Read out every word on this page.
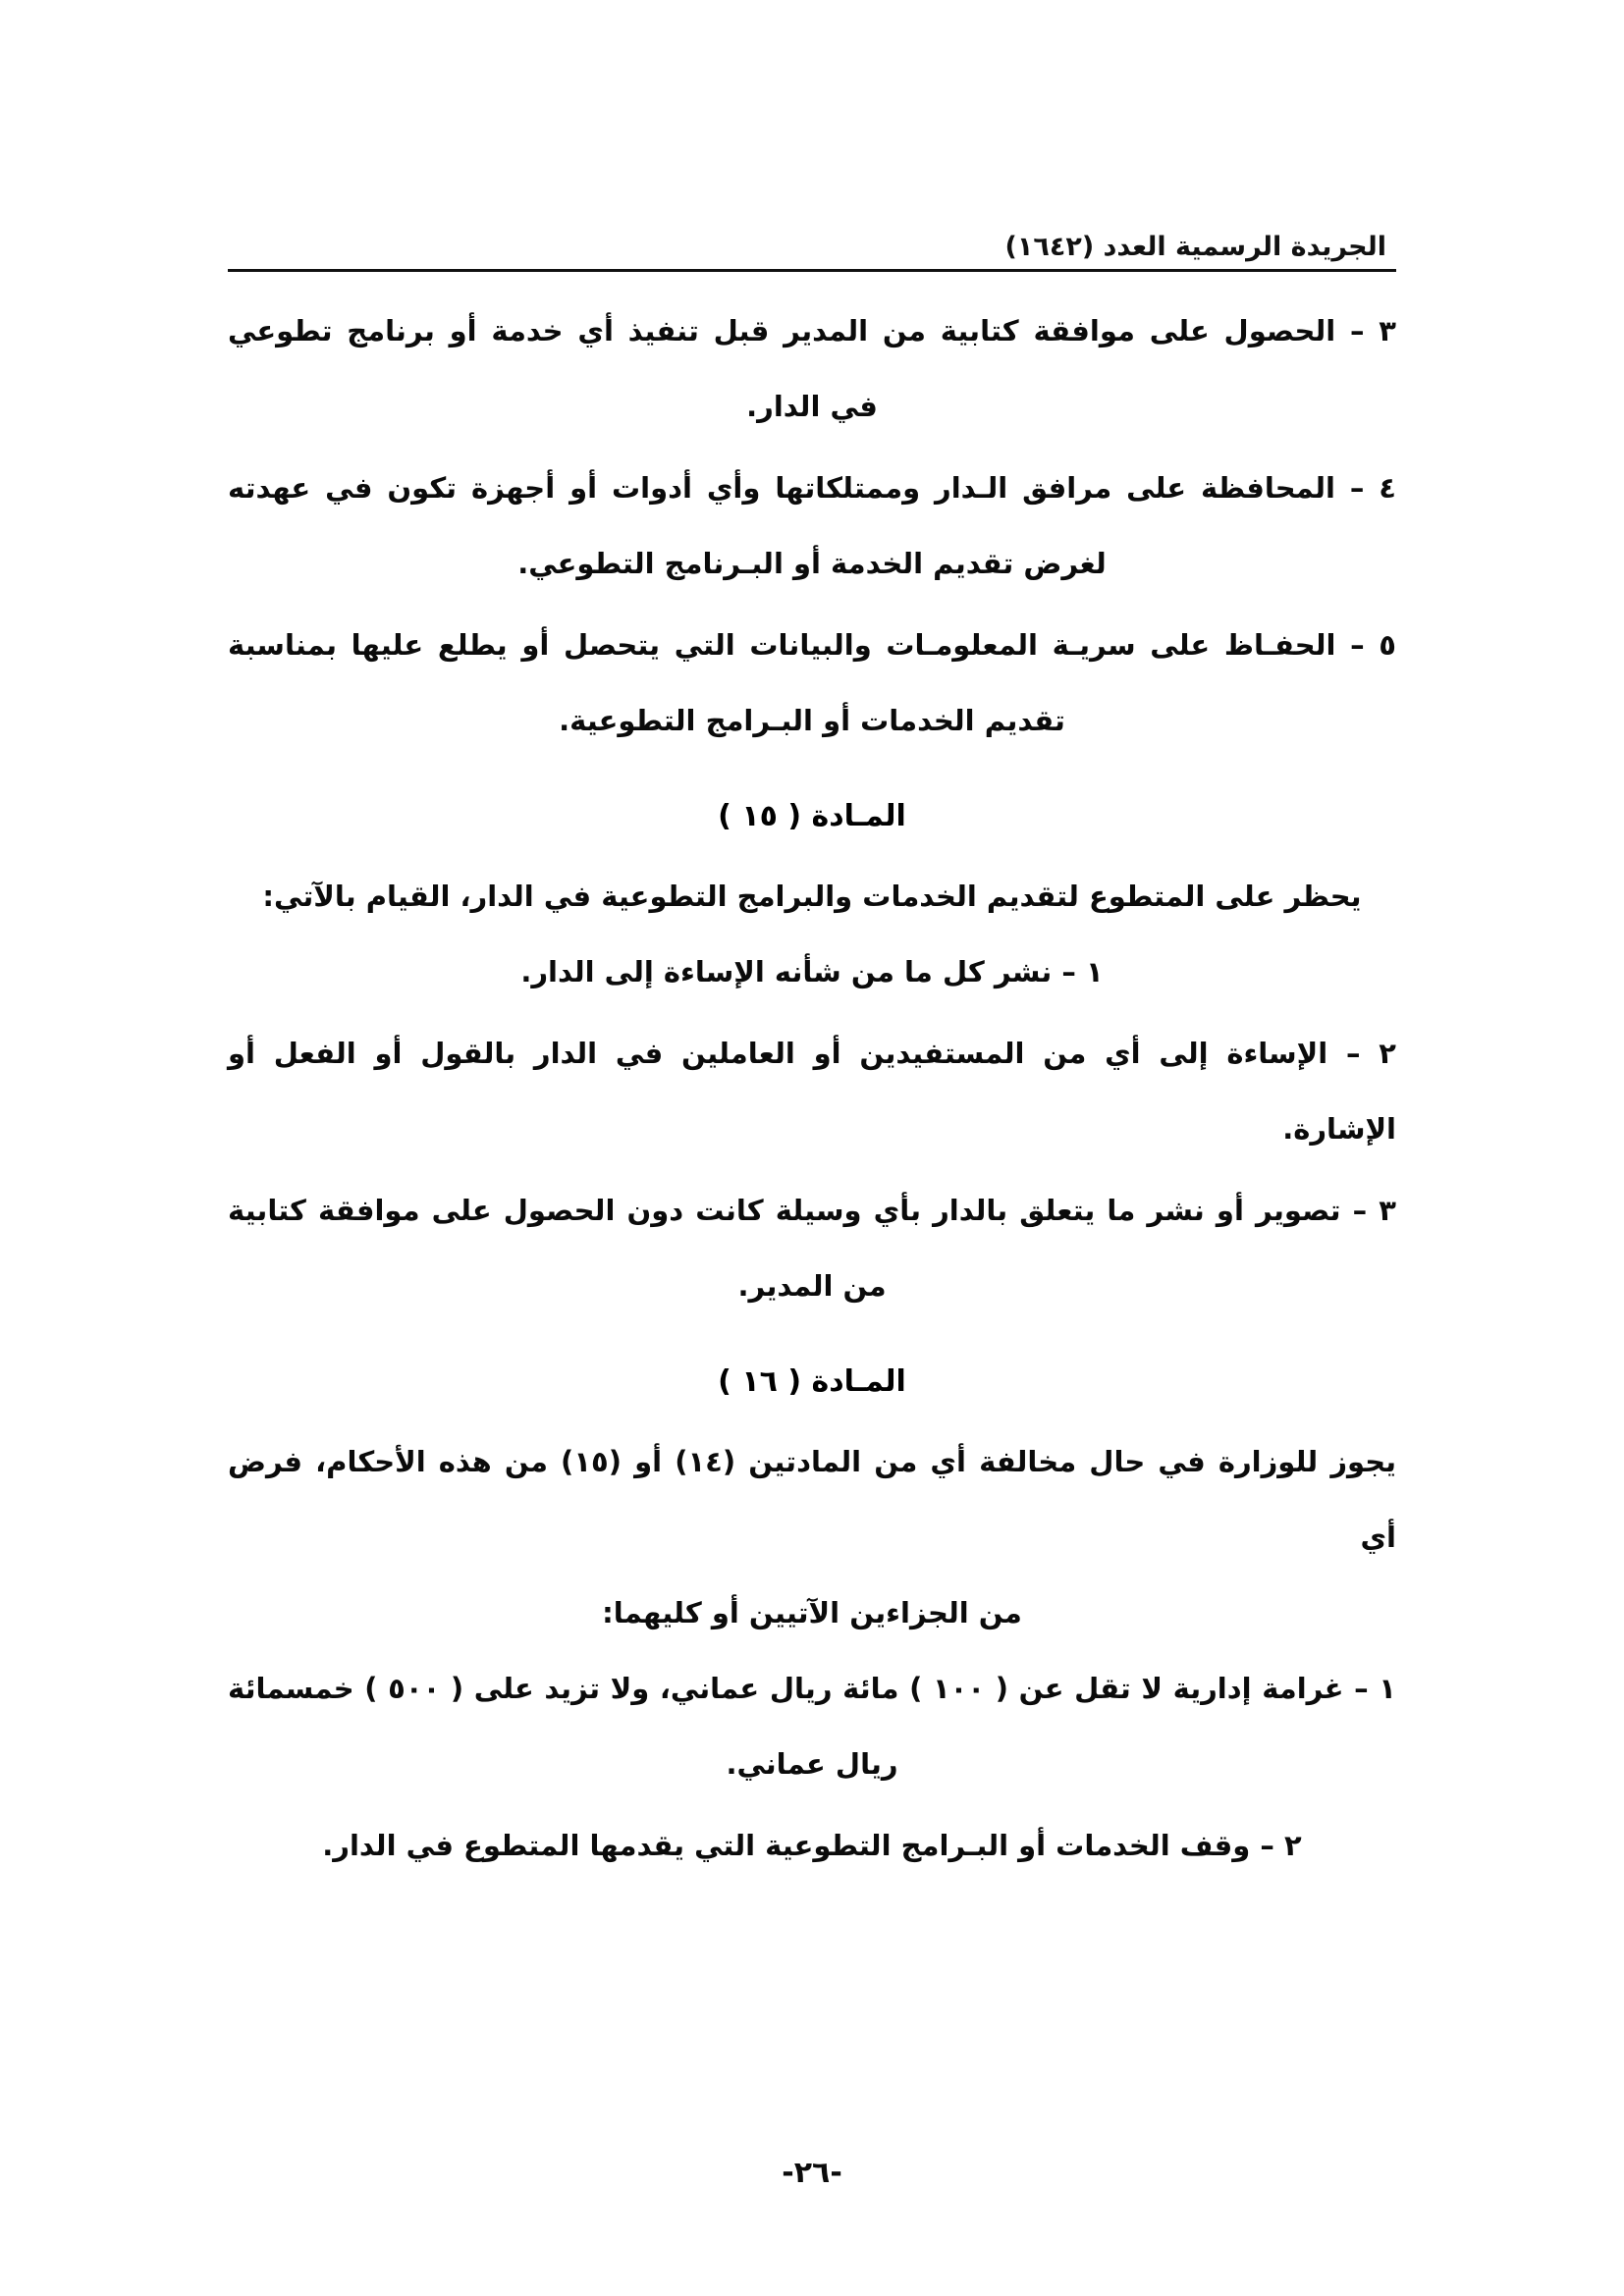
الجريدة الرسمية العدد (١٦٤٢)
٣ – الحصول على موافقة كتابية من المدير قبل تنفيذ أي خدمة أو برنامج تطوعي
في الدار.
٤ – المحافظة على مرافق الـدار وممتلكاتها وأي أدوات أو أجهزة تكون في عهدته
لغرض تقديم الخدمة أو البـرنامج التطوعي.
٥ – الحفـاظ على سريـة المعلومـات والبيانات التي يتحصل أو يطلع عليها بمناسبة
تقديم الخدمات أو البـرامج التطوعية.
المـادة ( ١٥ )
يحظر على المتطوع لتقديم الخدمات والبرامج التطوعية في الدار، القيام بالآتي:
١ – نشر كل ما من شأنه الإساءة إلى الدار.
٢ – الإساءة إلى أي من المستفيدين أو العاملين في الدار بالقول أو الفعل أو الإشارة.
٣ – تصوير أو نشر ما يتعلق بالدار بأي وسيلة كانت دون الحصول على موافقة كتابية
من المدير.
المـادة ( ١٦ )
يجوز للوزارة في حال مخالفة أي من المادتين (١٤) أو (١٥) من هذه الأحكام، فرض أي
من الجزاءين الآتيين أو كليهما:
١ – غرامة إدارية لا تقل عن ( ١٠٠ ) مائة ريال عماني، ولا تزيد على ( ٥٠٠ ) خمسمائة
ريال عماني.
٢ – وقف الخدمات أو البـرامج التطوعية التي يقدمها المتطوع في الدار.
-٢٦-
